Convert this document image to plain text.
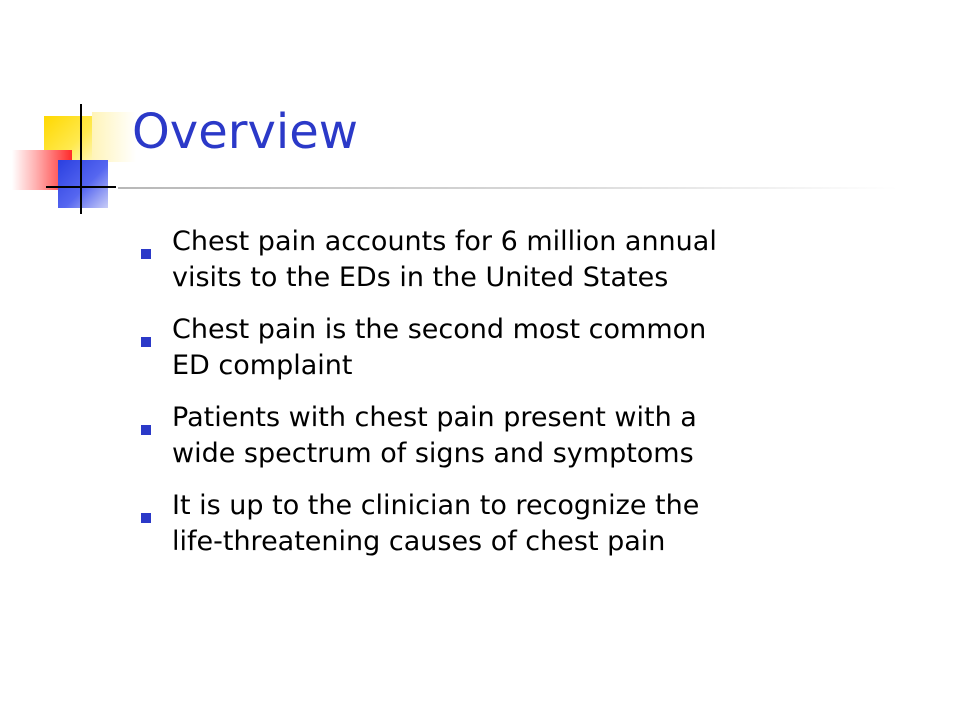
Overview
Chest pain accounts for 6 million annual
visits to the EDs in the United States
Chest pain is the second most common
ED complaint
Patients with chest pain present with a
wide spectrum of signs and symptoms
It is up to the clinician to recognize the
life-threatening causes of chest pain
